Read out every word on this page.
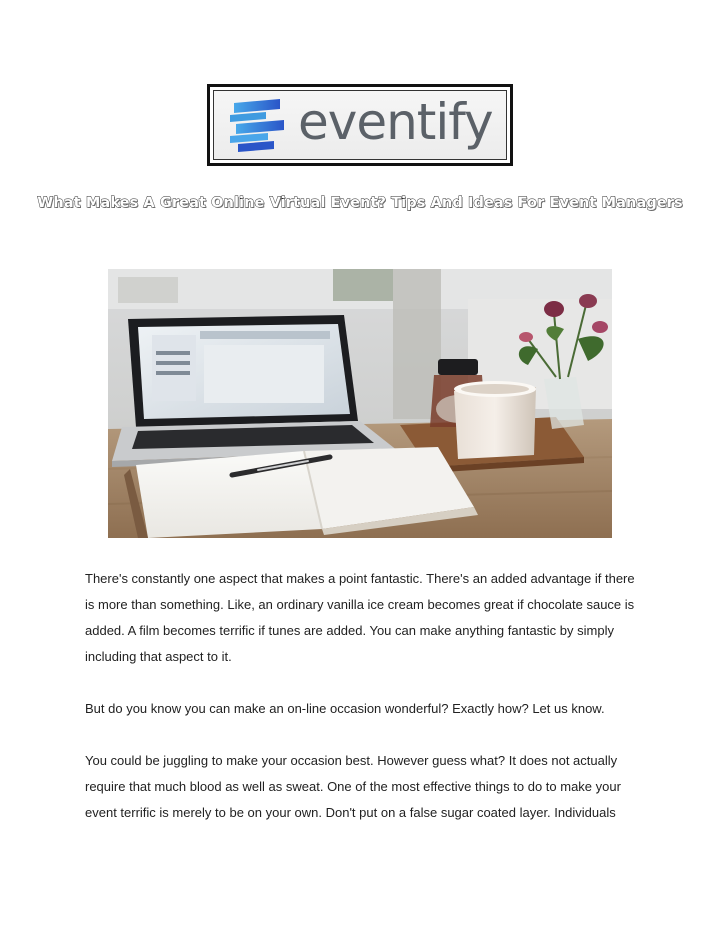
eventify
What Makes A Great Online Virtual Event? Tips And Ideas For Event Managers

There's constantly one aspect that makes a point fantastic. There's an added advantage if there is more than something. Like, an ordinary vanilla ice cream becomes great if chocolate sauce is added. A film becomes terrific if tunes are added. You can make anything fantastic by simply including that aspect to it.

But do you know you can make an on-line occasion wonderful? Exactly how? Let us know.

You could be juggling to make your occasion best. However guess what? It does not actually require that much blood as well as sweat. One of the most effective things to do to make your event terrific is merely to be on your own. Don't put on a false sugar coated layer. Individuals
